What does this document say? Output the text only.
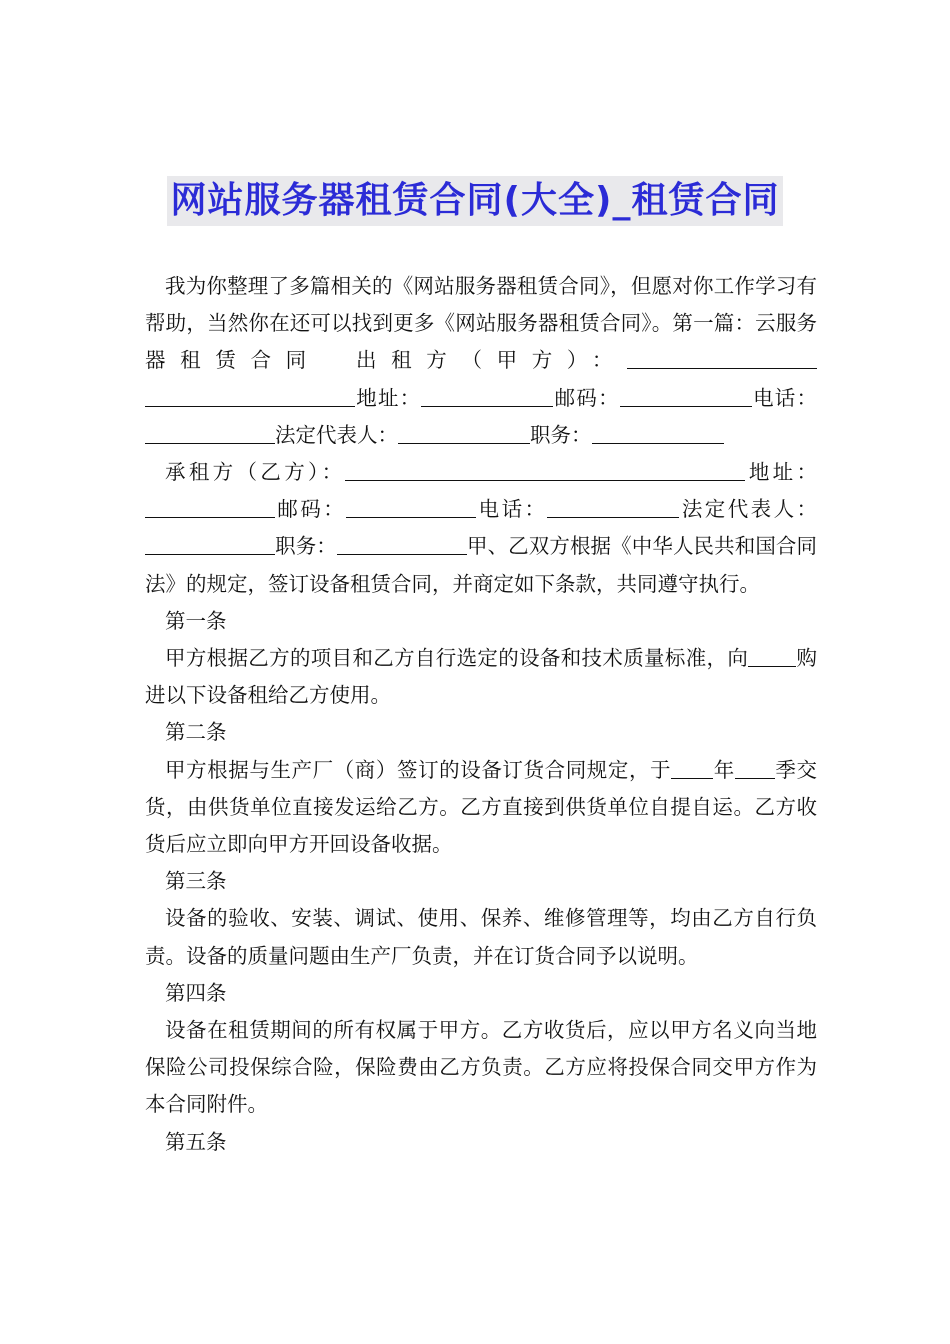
网站服务器租赁合同(大全)_租赁合同

我为你整理了多篇相关的《网站服务器租赁合同》，但愿对你工作学习有帮助，当然你在还可以找到更多《网站服务器租赁合同》。第一篇：云服务器租赁合同　出租方（甲方）：地址：	邮码：	电话：法定代表人：	职务：

承租方（乙方）：	地址：邮码：	电话：	法定代表人：职务：	甲、乙双方根据《中华人民共和国合同法》的规定，签订设备租赁合同，并商定如下条款，共同遵守执行。

第一条

甲方根据乙方的项目和乙方自行选定的设备和技术质量标准，向 购进以下设备租给乙方使用。

第二条

甲方根据与生产厂（商）签订的设备订货合同规定，于 年 季交货，由供货单位直接发运给乙方。乙方直接到供货单位自提自运。乙方收货后应立即向甲方开回设备收据。

第三条

设备的验收、安装、调试、使用、保养、维修管理等，均由乙方自行负责。设备的质量问题由生产厂负责，并在订货合同予以说明。

第四条

设备在租赁期间的所有权属于甲方。乙方收货后，应以甲方名义向当地保险公司投保综合险，保险费由乙方负责。乙方应将投保合同交甲方作为本合同附件。

第五条
